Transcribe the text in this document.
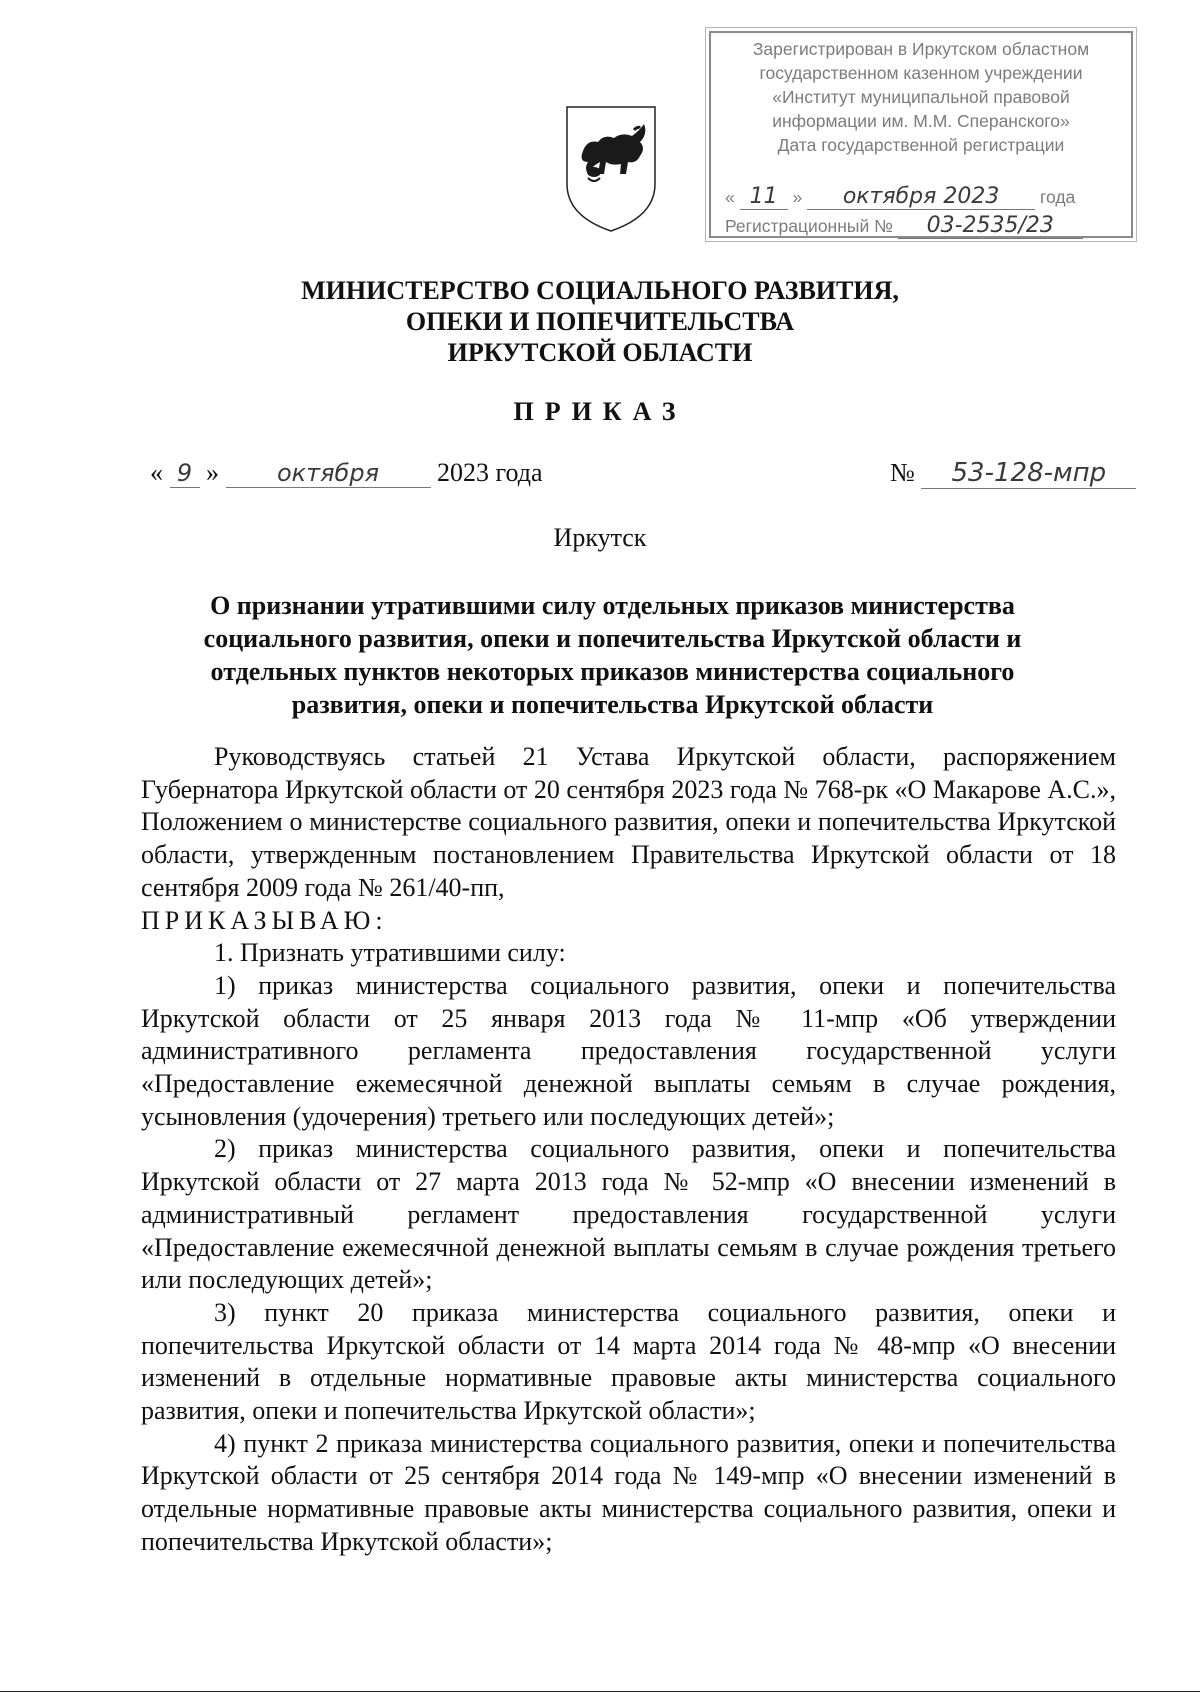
Зарегистрирован в Иркутском областном
государственном казенном учреждении
«Институт муниципальной правовой
информации им. М.М. Сперанского»
Дата государственной регистрации
« 11 » октября 2023 года
Регистрационный № 03-2535/23
МИНИСТЕРСТВО СОЦИАЛЬНОГО РАЗВИТИЯ,
ОПЕКИ И ПОПЕЧИТЕЛЬСТВА
ИРКУТСКОЙ ОБЛАСТИ
ПРИКАЗ
« 9 » октября 2023 года	№ 53-128-мпр
Иркутск
О признании утратившими силу отдельных приказов министерства социального развития, опеки и попечительства Иркутской области и отдельных пунктов некоторых приказов министерства социального развития, опеки и попечительства Иркутской области

Руководствуясь статьей 21 Устава Иркутской области, распоряжением Губернатора Иркутской области от 20 сентября 2023 года № 768-рк «О Макарове А.С.», Положением о министерстве социального развития, опеки и попечительства Иркутской области, утвержденным постановлением Правительства Иркутской области от 18 сентября 2009 года № 261/40-пп,

ПРИКАЗЫВАЮ:

1. Признать утратившими силу:

1) приказ министерства социального развития, опеки и попечительства Иркутской области от 25 января 2013 года № 11-мпр «Об утверждении административного регламента предоставления государственной услуги «Предоставление ежемесячной денежной выплаты семьям в случае рождения, усыновления (удочерения) третьего или последующих детей»;

2) приказ министерства социального развития, опеки и попечительства Иркутской области от 27 марта 2013 года № 52-мпр «О внесении изменений в административный регламент предоставления государственной услуги «Предоставление ежемесячной денежной выплаты семьям в случае рождения третьего или последующих детей»;

3) пункт 20 приказа министерства социального развития, опеки и попечительства Иркутской области от 14 марта 2014 года № 48-мпр «О внесении изменений в отдельные нормативные правовые акты министерства социального развития, опеки и попечительства Иркутской области»;

4) пункт 2 приказа министерства социального развития, опеки и попечительства Иркутской области от 25 сентября 2014 года № 149-мпр «О внесении изменений в отдельные нормативные правовые акты министерства социального развития, опеки и попечительства Иркутской области»;
